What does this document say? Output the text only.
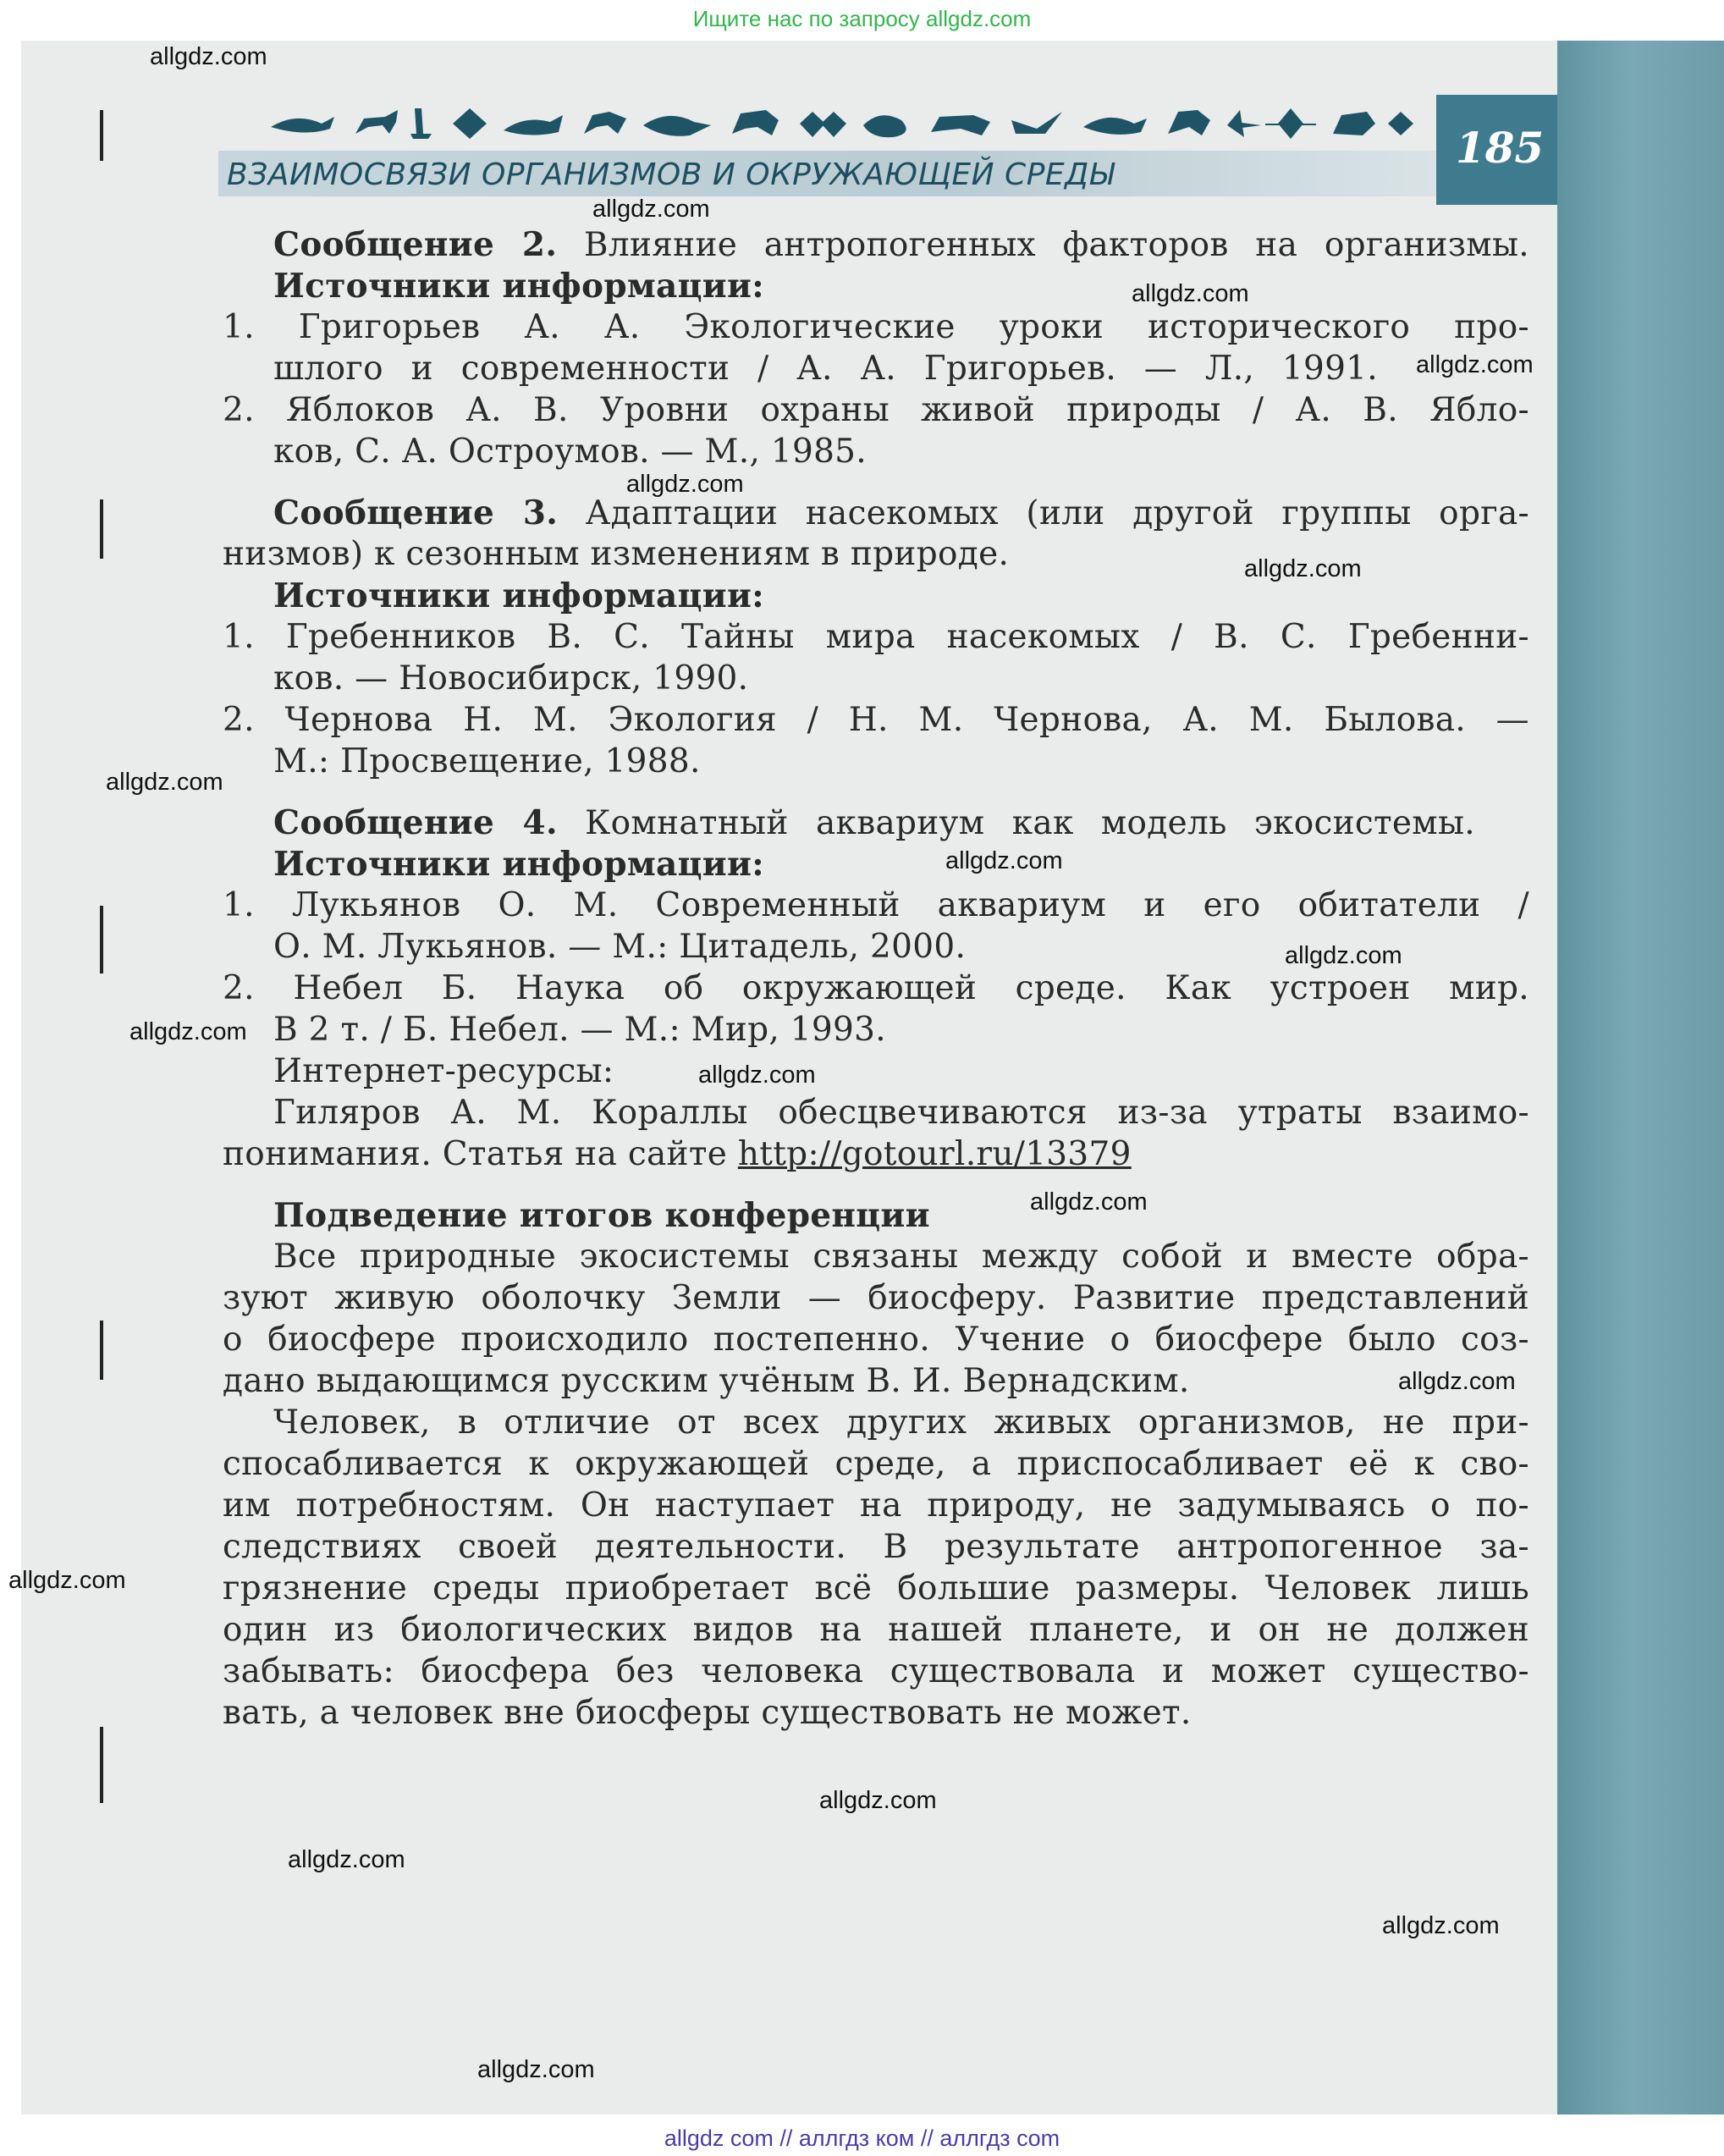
Ищите нас по запросу allgdz.com
ВЗАИМОСВЯЗИ ОРГАНИЗМОВ И ОКРУЖАЮЩЕЙ СРЕДЫ
185
Сообщение 2. Влияние антропогенных факторов на организмы.
Источники информации:
1. Григорьев А. А. Экологические уроки исторического про-
шлого и современности / А. А. Григорьев. — Л., 1991.
2. Яблоков А. В. Уровни охраны живой природы / А. В. Ябло-
ков, С. А. Остроумов. — М., 1985.
Сообщение 3. Адаптации насекомых (или другой группы орга-
низмов) к сезонным изменениям в природе.
Источники информации:
1. Гребенников В. С. Тайны мира насекомых / В. С. Гребенни-
ков. — Новосибирск, 1990.
2. Чернова Н. М. Экология / Н. М. Чернова, А. М. Былова. —
М.: Просвещение, 1988.
Сообщение 4. Комнатный аквариум как модель экосистемы.
Источники информации:
1. Лукьянов О. М. Современный аквариум и его обитатели /
О. М. Лукьянов. — М.: Цитадель, 2000.
2. Небел Б. Наука об окружающей среде. Как устроен мир.
В 2 т. / Б. Небел. — М.: Мир, 1993.
Интернет-ресурсы:
Гиляров А. М. Кораллы обесцвечиваются из-за утраты взаимо-
понимания. Статья на сайте http://gotourl.ru/13379
Подведение итогов конференции
Все природные экосистемы связаны между собой и вместе обра-
зуют живую оболочку Земли — биосферу. Развитие представлений
о биосфере происходило постепенно. Учение о биосфере было соз-
дано выдающимся русским учёным В. И. Вернадским.
Человек, в отличие от всех других живых организмов, не при-
спосабливается к окружающей среде, а приспосабливает её к сво-
им потребностям. Он наступает на природу, не задумываясь о по-
следствиях своей деятельности. В результате антропогенное за-
грязнение среды приобретает всё большие размеры. Человек лишь
один из биологических видов на нашей планете, и он не должен
забывать: биосфера без человека существовала и может существо-
вать, а человек вне биосферы существовать не может.
allgdz.com
allgdz.com
allgdz.com
allgdz.com
allgdz.com
allgdz.com
allgdz.com
allgdz.com
allgdz.com
allgdz.com
allgdz.com
allgdz.com
allgdz.com
allgdz.com
allgdz.com
allgdz.com
allgdz.com
allgdz.com
allgdz com // аллгдз ком // аллгдз com
